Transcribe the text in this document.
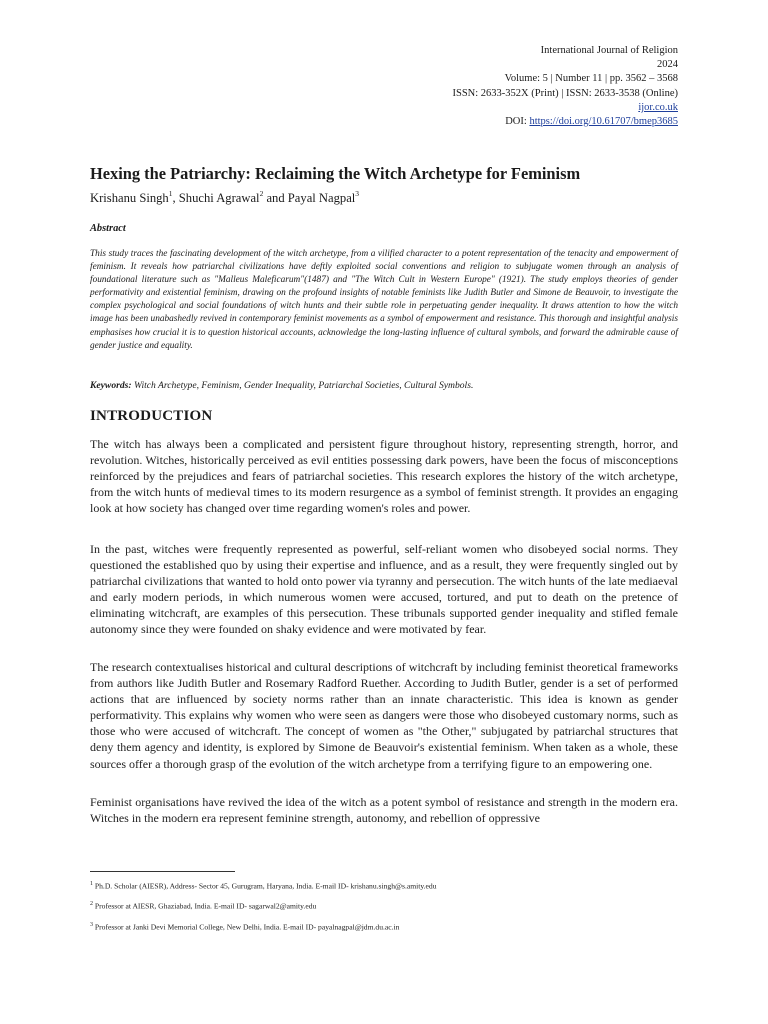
International Journal of Religion
2024
Volume: 5 | Number 11 | pp. 3562 – 3568
ISSN: 2633-352X (Print) | ISSN: 2633-3538 (Online)
ijor.co.uk
DOI: https://doi.org/10.61707/bmep3685
Hexing the Patriarchy: Reclaiming the Witch Archetype for Feminism
Krishanu Singh$^1$, Shuchi Agrawal$^2$ and Payal Nagpal$^3$
Abstract

This study traces the fascinating development of the witch archetype, from a vilified character to a potent representation of the tenacity and empowerment of feminism. It reveals how patriarchal civilizations have deftly exploited social conventions and religion to subjugate women through an analysis of foundational literature such as "Malleus Maleficarum"(1487) and "The Witch Cult in Western Europe" (1921). The study employs theories of gender performativity and existential feminism, drawing on the profound insights of notable feminists like Judith Butler and Simone de Beauvoir, to investigate the complex psychological and social foundations of witch hunts and their subtle role in perpetuating gender inequality. It draws attention to how the witch image has been unabashedly revived in contemporary feminist movements as a symbol of empowerment and resistance. This thorough and insightful analysis emphasises how crucial it is to question historical accounts, acknowledge the long-lasting influence of cultural symbols, and forward the admirable cause of gender justice and equality.

Keywords: Witch Archetype, Feminism, Gender Inequality, Patriarchal Societies, Cultural Symbols.

INTRODUCTION

The witch has always been a complicated and persistent figure throughout history, representing strength, horror, and revolution. Witches, historically perceived as evil entities possessing dark powers, have been the focus of misconceptions reinforced by the prejudices and fears of patriarchal societies. This research explores the history of the witch archetype, from the witch hunts of medieval times to its modern resurgence as a symbol of feminist strength. It provides an engaging look at how society has changed over time regarding women's roles and power.

In the past, witches were frequently represented as powerful, self-reliant women who disobeyed social norms. They questioned the established quo by using their expertise and influence, and as a result, they were frequently singled out by patriarchal civilizations that wanted to hold onto power via tyranny and persecution. The witch hunts of the late mediaeval and early modern periods, in which numerous women were accused, tortured, and put to death on the pretence of eliminating witchcraft, are examples of this persecution. These tribunals supported gender inequality and stifled female autonomy since they were founded on shaky evidence and were motivated by fear.

The research contextualises historical and cultural descriptions of witchcraft by including feminist theoretical frameworks from authors like Judith Butler and Rosemary Radford Ruether. According to Judith Butler, gender is a set of performed actions that are influenced by society norms rather than an innate characteristic. This idea is known as gender performativity. This explains why women who were seen as dangers were those who disobeyed customary norms, such as those who were accused of witchcraft. The concept of women as "the Other," subjugated by patriarchal structures that deny them agency and identity, is explored by Simone de Beauvoir's existential feminism. When taken as a whole, these sources offer a thorough grasp of the evolution of the witch archetype from a terrifying figure to an empowering one.

Feminist organisations have revived the idea of the witch as a potent symbol of resistance and strength in the modern era. Witches in the modern era represent feminine strength, autonomy, and rebellion of oppressive

$^1$ Ph.D. Scholar (AIESR), Address- Sector 45, Gurugram, Haryana, India. E-mail ID- krishanu.singh@s.amity.edu

$^2$ Professor at AIESR, Ghaziabad, India. E-mail ID- sagarwal2@amity.edu

$^3$ Professor at Janki Devi Memorial College, New Delhi, India. E-mail ID- payalnagpal@jdm.du.ac.in
